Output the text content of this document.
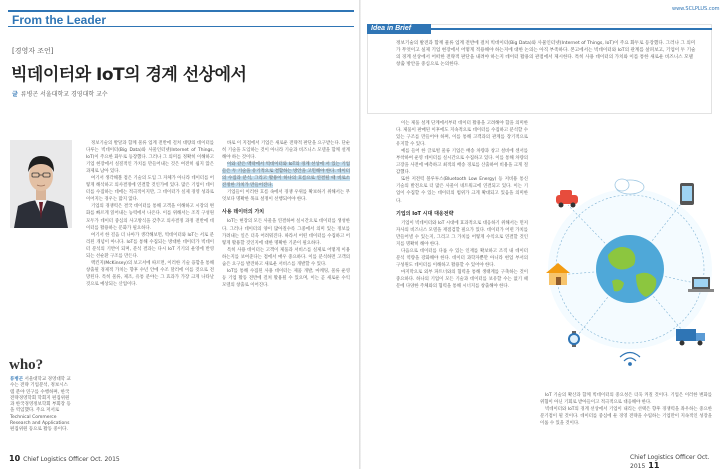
From the Leader
[경영자 조언]
빅데이터와 IoT의 경계 선상에서
글 류병곤 서울대학교 경영대학 교수
who?
류병곤 서울대학교 경영대학 교수는 전략 기업분석, 정보시스템 분야 연구를 수행하며, 한국전략경영학회 학회지 편집위원과 한국경영정보학회 부회장 등을 역임했다. 주요 저서로 Technical Commerce Research and Applications 편집위원 등으로 활동 중이다.

정보기술의 발달과 함께 물류 업계 전반에 걸쳐 대량의 데이터를 다루는 빅데이터(Big Data)와 사물인터넷(Internet of Things, IoT)이 주요한 화두로 등장했다. 그러나 그 의미를 정확히 이해하고 기업 현장에서 실질적인 가치를 만들어내는 것은 여전히 쉽지 않은 과제로 남아 있다.

여기서 생각해볼 점은 기술의 도입 그 자체가 아니라 데이터를 어떻게 해석하고 의사결정에 연결할 것인가에 있다. 많은 기업이 데이터를 수집하는 데에는 적극적이지만, 그 데이터가 실제 경영 성과로 이어지는 경우는 많지 않다.

기업의 경쟁력은 결국 데이터를 통해 고객을 이해하고 시장의 변화를 빠르게 읽어내는 능력에서 나온다. 이를 위해서는 조직 구성원 모두가 데이터 중심의 사고방식을 갖추고 의사결정 과정 전반에 데이터를 활용하는 문화가 필요하다.

여기서 한 걸음 더 나아가 생각해보면, 빅데이터와 IoT는 서로 분리된 개념이 아니다. IoT를 통해 수집되는 방대한 데이터가 빅데이터 분석의 기반이 되며, 분석 결과는 다시 IoT 기기의 운영에 반영되는 선순환 구조를 만든다.

맥킨지(McKinsey)의 보고서에 따르면, 이러한 기술 융합을 통해 창출될 경제적 가치는 향후 수년 안에 수조 달러에 이를 것으로 전망된다. 특히 물류, 제조, 유통 분야는 그 효과가 가장 크게 나타날 것으로 예상되는 산업이다.

바로 이 지점에서 기업은 새로운 전략적 판단을 요구받는다. 단순히 기술을 도입하는 것이 아니라 기술과 비즈니스 모델을 함께 설계해야 하는 것이다.

이와 같은 맥락에서 빅데이터와 IoT의 경계 선상에 서 있는 기업들은 두 기술을 유기적으로 결합하는 방안을 고민해야 한다. 데이터의 수집과 분석, 그리고 활용이 하나의 흐름으로 연결될 때 비로소 진정한 가치가 만들어진다.

기업들이 이러한 흐름 속에서 경쟁 우위를 확보하기 위해서는 무엇보다 명확한 목표 설정이 선행되어야 한다.

사용 데이터의 가치

IoT는 현장의 모든 사물을 연결하여 실시간으로 데이터를 생성한다. 그러나 데이터의 양이 많아질수록 그중에서 의미 있는 정보를 가려내는 일은 더욱 어려워진다. 따라서 어떤 데이터를 수집하고 어떻게 활용할 것인지에 대한 명확한 기준이 필요하다.

특히 사용 데이터는 고객이 제품과 서비스를 실제로 어떻게 이용하는지를 보여준다는 점에서 매우 중요하다. 이를 분석하면 고객의 숨은 요구를 발견하고 새로운 서비스를 개발할 수 있다.

IoT를 통해 수집된 사용 데이터는 제품 개발, 마케팅, 물류 운영 등 기업 활동 전반에 걸쳐 활용될 수 있으며, 이는 곧 새로운 수익 모델의 창출로 이어진다.

10 Chief Logistics Officer Oct. 2015
www.SCLPLUS.com
Idea in Brief
정보기술의 발전과 함께 물류 업계 전반에 걸쳐 빅데이터(Big Data)와 사물인터넷(Internet of Things, IoT)이 주요 화두로 등장했다. 그러나 그 의미가 무엇이고 실제 기업 현장에서 어떻게 적용해야 하는지에 대한 논의는 아직 부족하다. 본고에서는 빅데이터와 IoT의 관계를 살펴보고, 기업이 두 기술의 경계 선상에서 어떠한 전략적 판단을 내려야 하는지 데이터 활용의 관점에서 제시한다. 특히 사용 데이터의 가치와 이를 통한 새로운 비즈니스 모델 창출 방안을 중심으로 논의한다.

이는 제품 설계 단계에서부터 데이터 활용을 고려해야 함을 의미한다. 제품이 판매된 이후에도 지속적으로 데이터를 수집하고 분석할 수 있는 구조를 만들어야 하며, 이를 통해 고객과의 관계를 장기적으로 유지할 수 있다.

예를 들어 한 글로벌 물류 기업은 배송 차량과 창고 설비에 센서를 부착하여 운영 데이터를 실시간으로 수집하고 있다. 이를 통해 차량의 고장을 사전에 예측하고 최적의 배송 경로를 산출하여 비용을 크게 절감했다.

또한 저전력 블루투스(Bluetooth Low Energy) 등 저비용 통신 기술의 발전으로 더 많은 사물이 네트워크에 연결되고 있다. 이는 기업이 수집할 수 있는 데이터의 범위가 크게 확대되고 있음을 의미한다.

기업의 IoT 시대 대응전략

기업이 빅데이터와 IoT 시대에 효과적으로 대응하기 위해서는 먼저 자사의 비즈니스 모델을 재점검할 필요가 있다. 데이터가 어떤 가치를 만들어낼 수 있는지, 그리고 그 가치를 어떻게 수익으로 연결할 것인지를 명확히 해야 한다.

다음으로 데이터를 다룰 수 있는 인재를 확보하고 조직 내 데이터 분석 역량을 강화해야 한다. 데이터 과학자뿐만 아니라 현업 부서의 구성원도 데이터를 이해하고 활용할 수 있어야 한다.

마지막으로 외부 파트너와의 협력을 통해 생태계를 구축하는 것이 중요하다. 하나의 기업이 모든 기술과 데이터를 보유할 수는 없기 때문에 다양한 주체와의 협력을 통해 시너지를 창출해야 한다.

IoT 기술의 확산과 함께 빅데이터의 중요성은 더욱 커질 것이다. 기업은 이러한 변화를 위협이 아닌 기회로 받아들이고 적극적으로 대응해야 한다.

빅데이터와 IoT의 경계 선상에서 기업이 내리는 선택은 향후 경쟁력을 좌우하는 중요한 분기점이 될 것이다. 데이터를 중심에 둔 경영 전략을 수립하는 기업만이 지속적인 성장을 이룰 수 있을 것이다.

Chief Logistics Officer Oct. 2015 11
